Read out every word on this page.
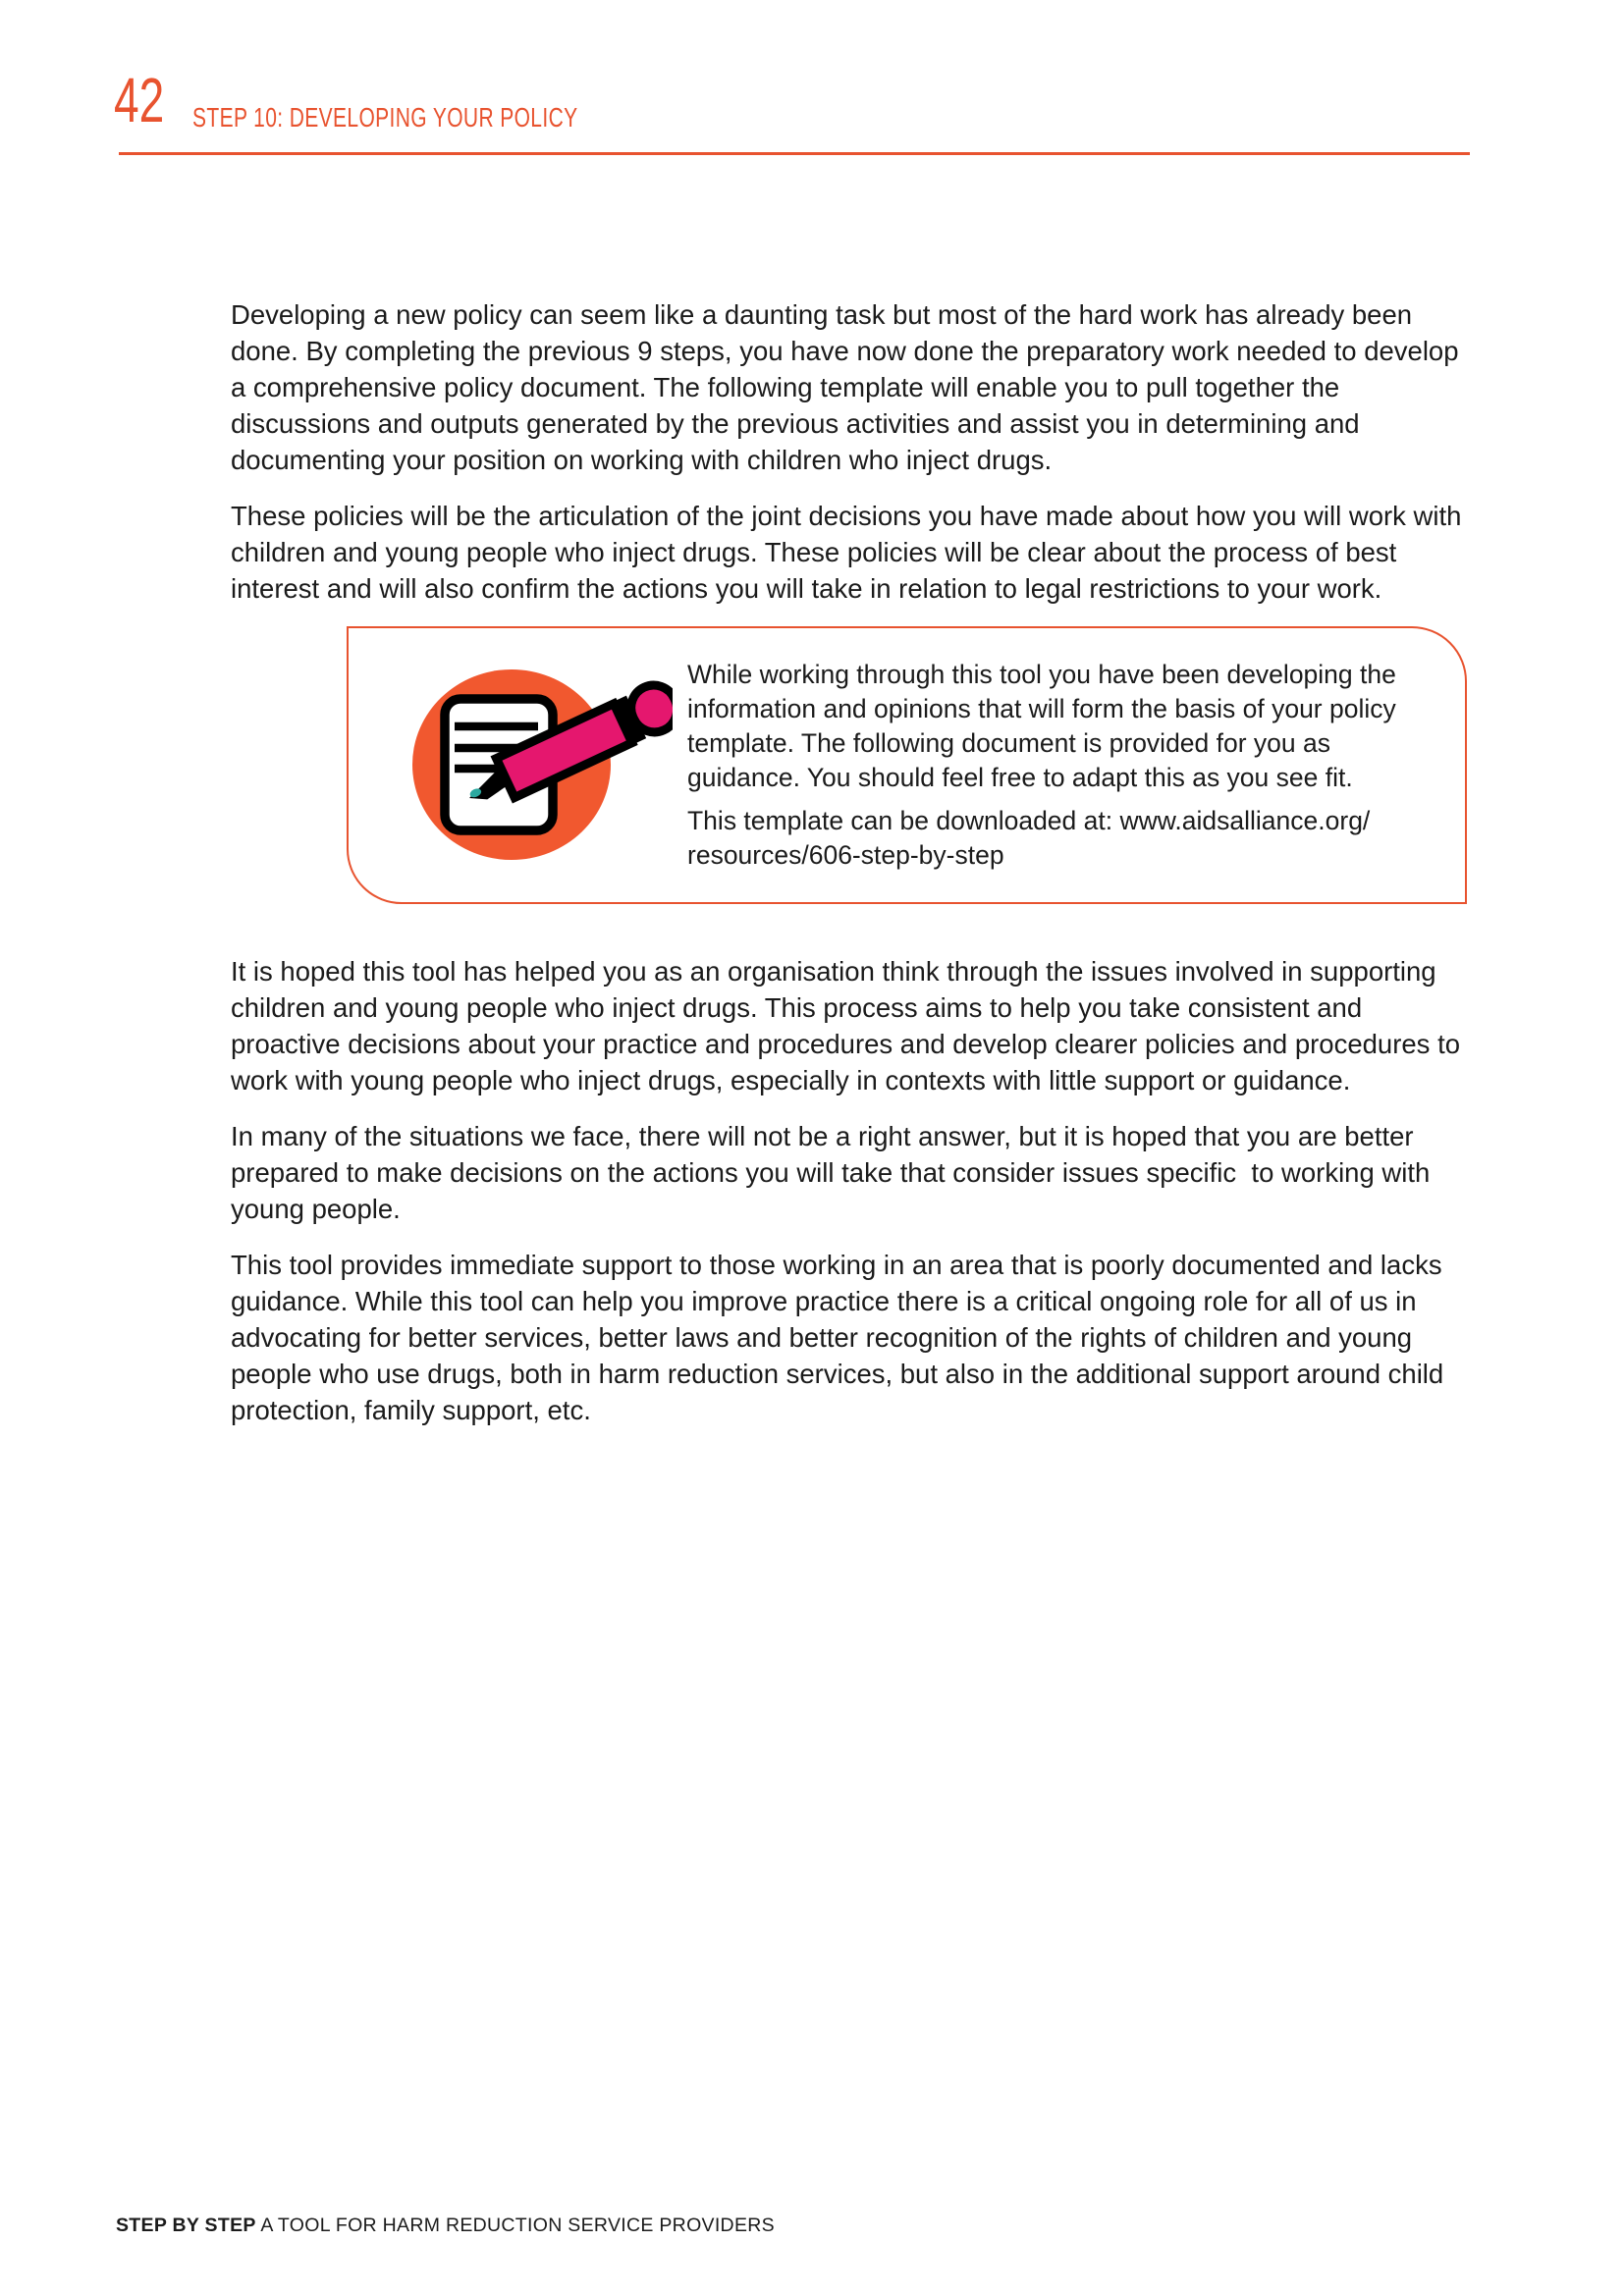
42 STEP 10: DEVELOPING YOUR POLICY

Developing a new policy can seem like a daunting task but most of the hard work has already been done. By completing the previous 9 steps, you have now done the preparatory work needed to develop a comprehensive policy document. The following template will enable you to pull together the discussions and outputs generated by the previous activities and assist you in determining and documenting your position on working with children who inject drugs.

These policies will be the articulation of the joint decisions you have made about how you will work with children and young people who inject drugs. These policies will be clear about the process of best interest and will also confirm the actions you will take in relation to legal restrictions to your work.

While working through this tool you have been developing the information and opinions that will form the basis of your policy template. The following document is provided for you as guidance. You should feel free to adapt this as you see fit.

This template can be downloaded at: www.aidsalliance.org/

resources/606-step-by-step

It is hoped this tool has helped you as an organisation think through the issues involved in supporting children and young people who inject drugs. This process aims to help you take consistent and proactive decisions about your practice and procedures and develop clearer policies and procedures to work with young people who inject drugs, especially in contexts with little support or guidance.

In many of the situations we face, there will not be a right answer, but it is hoped that you are better prepared to make decisions on the actions you will take that consider issues specific  to working with young people.

This tool provides immediate support to those working in an area that is poorly documented and lacks guidance. While this tool can help you improve practice there is a critical ongoing role for all of us in advocating for better services, better laws and better recognition of the rights of children and young people who use drugs, both in harm reduction services, but also in the additional support around child protection, family support, etc.

STEP BY STEP A TOOL FOR HARM REDUCTION SERVICE PROVIDERS
